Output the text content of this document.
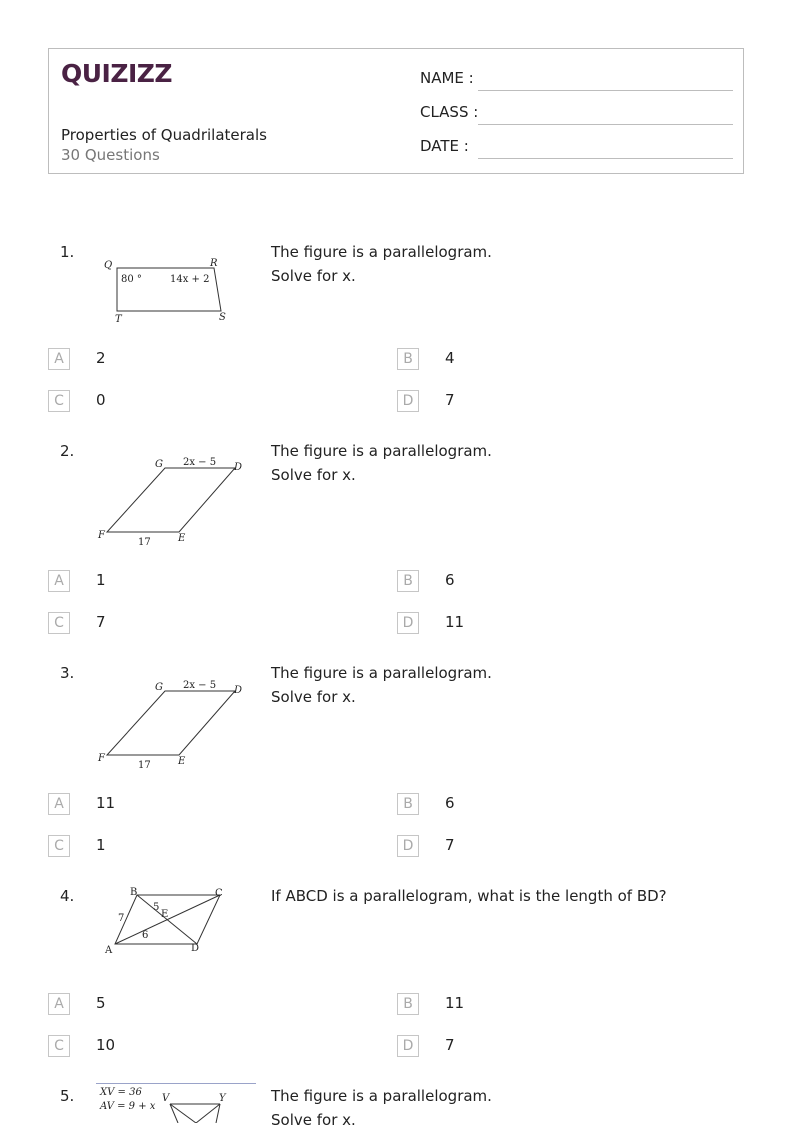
QUIZIZZ
Properties of Quadrilaterals
30 Questions
NAME :
CLASS :
DATE :
1.
Q	R
T	S
80 °	14x + 2
The figure is a parallelogram.
Solve for x.
A	2	B	4
C	0	D	7
2.
G	D
F	E
2x − 5
17
The figure is a parallelogram.
Solve for x.
A	1	B	6
C	7	D	11
3.
G	D
F	E
2x − 5
17
The figure is a parallelogram.
Solve for x.
A	11	B	6
C	1	D	7
4.	B	C
A	D
E
7
6
5
If ABCD is a parallelogram, what is the length of BD?
A	5	B	11
C	10	D	7
5.	XV = 36
AV = 9 + x
V	Y	The figure is a parallelogram.
Solve for x.
